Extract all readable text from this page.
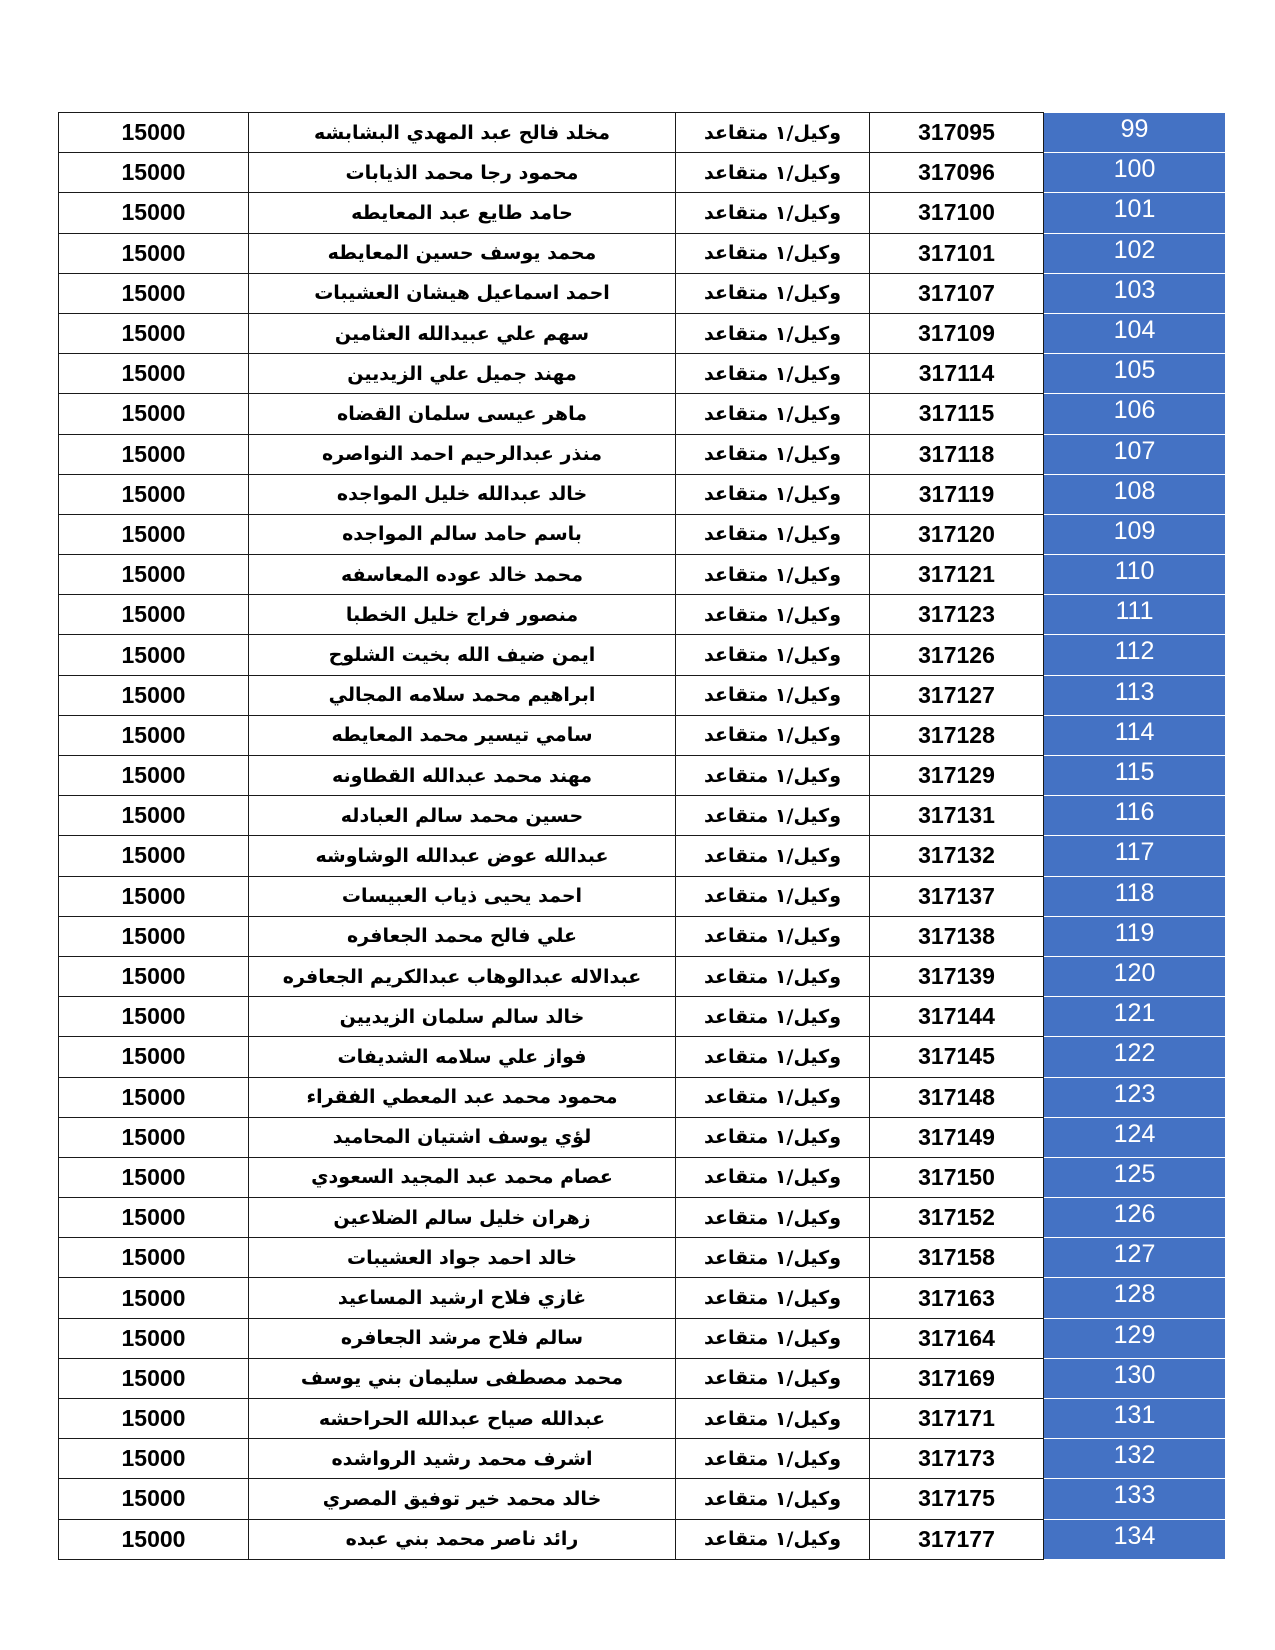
15000	مخلد فالح عبد المهدي البشابشه	وكيل/١ متقاعد	317095	99

15000	محمود رجا محمد الذيابات	وكيل/١ متقاعد	317096	100

15000	حامد طايع عبد المعايطه	وكيل/١ متقاعد	317100	101

15000	محمد يوسف حسين المعايطه	وكيل/١ متقاعد	317101	102

15000	احمد اسماعيل هيشان العشيبات	وكيل/١ متقاعد	317107	103

15000	سهم علي عبيدالله العثامين	وكيل/١ متقاعد	317109	104

15000	مهند جميل علي الزيديين	وكيل/١ متقاعد	317114	105

15000	ماهر عيسى سلمان القضاه	وكيل/١ متقاعد	317115	106

15000	منذر عبدالرحيم احمد النواصره	وكيل/١ متقاعد	317118	107

15000	خالد عبدالله خليل المواجده	وكيل/١ متقاعد	317119	108

15000	باسم حامد سالم المواجده	وكيل/١ متقاعد	317120	109

15000	محمد خالد عوده المعاسفه	وكيل/١ متقاعد	317121	110

15000	منصور فراج خليل الخطبا	وكيل/١ متقاعد	317123	111

15000	ايمن ضيف الله بخيت الشلوح	وكيل/١ متقاعد	317126	112

15000	ابراهيم محمد سلامه المجالي	وكيل/١ متقاعد	317127	113

15000	سامي تيسير محمد المعايطه	وكيل/١ متقاعد	317128	114

15000	مهند محمد عبدالله القطاونه	وكيل/١ متقاعد	317129	115

15000	حسين محمد سالم العبادله	وكيل/١ متقاعد	317131	116

15000	عبدالله عوض عبدالله الوشاوشه	وكيل/١ متقاعد	317132	117

15000	احمد يحيى ذياب العبيسات	وكيل/١ متقاعد	317137	118

15000	علي فالح محمد الجعافره	وكيل/١ متقاعد	317138	119

15000	عبدالاله عبدالوهاب عبدالكريم الجعافره	وكيل/١ متقاعد	317139	120

15000	خالد سالم سلمان الزيديين	وكيل/١ متقاعد	317144	121

15000	فواز علي سلامه الشديفات	وكيل/١ متقاعد	317145	122

15000	محمود محمد عبد المعطي الفقراء	وكيل/١ متقاعد	317148	123

15000	لؤي يوسف اشتيان المحاميد	وكيل/١ متقاعد	317149	124

15000	عصام محمد عبد المجيد السعودي	وكيل/١ متقاعد	317150	125

15000	زهران خليل سالم الضلاعين	وكيل/١ متقاعد	317152	126

15000	خالد احمد جواد العشيبات	وكيل/١ متقاعد	317158	127

15000	غازي فلاح ارشيد المساعيد	وكيل/١ متقاعد	317163	128

15000	سالم فلاح مرشد الجعافره	وكيل/١ متقاعد	317164	129

15000	محمد مصطفى سليمان بني يوسف	وكيل/١ متقاعد	317169	130

15000	عبدالله صياح عبدالله الحراحشه	وكيل/١ متقاعد	317171	131

15000	اشرف محمد رشيد الرواشده	وكيل/١ متقاعد	317173	132

15000	خالد محمد خير توفيق المصري	وكيل/١ متقاعد	317175	133

15000	رائد ناصر محمد بني عبده	وكيل/١ متقاعد	317177	134
